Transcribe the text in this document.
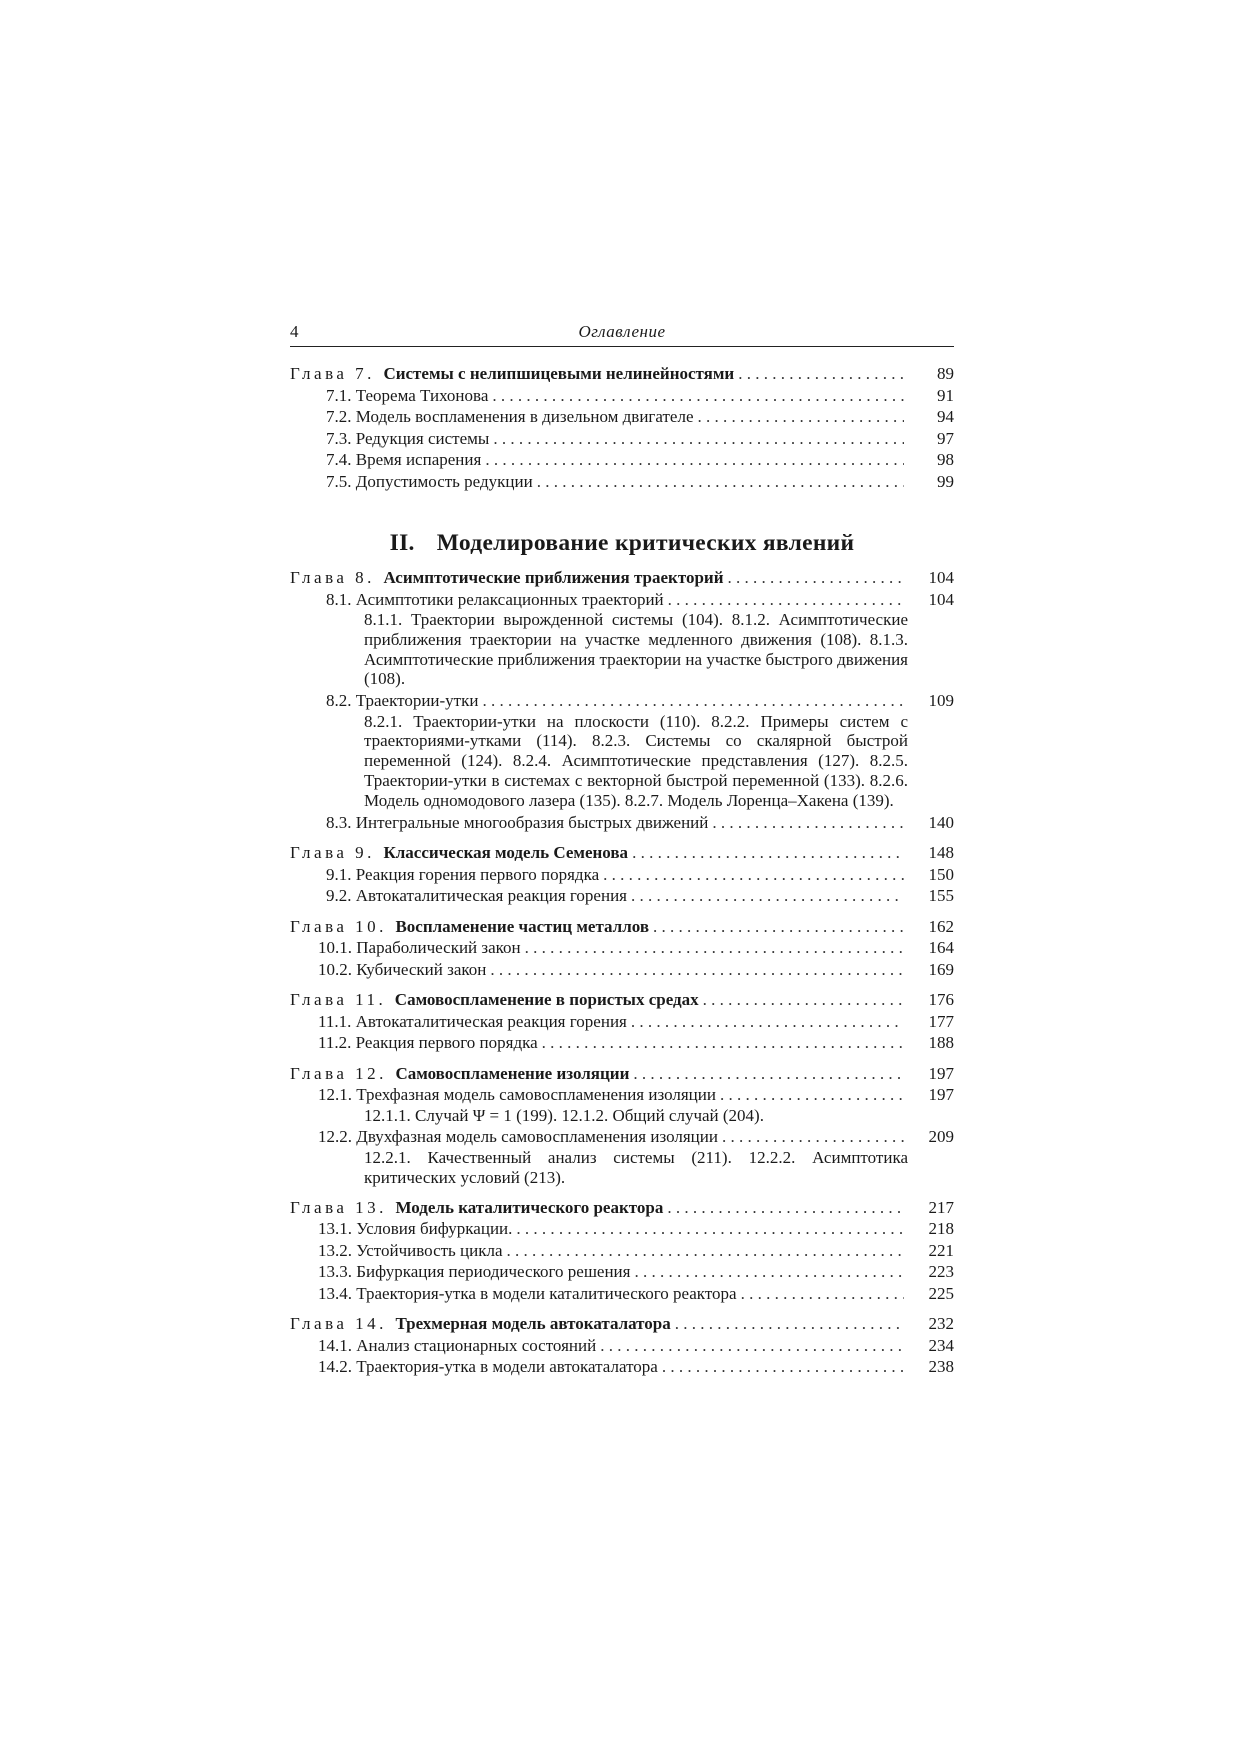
4	Оглавление
Глава 7. Системы с нелипшицевыми нелинейностями . . .	89
7.1. Теорема Тихонова . . .	91
7.2. Модель воспламенения в дизельном двигателе . . .	94
7.3. Редукция системы . . .	97
7.4. Время испарения . . .	98
7.5. Допустимость редукции . . .	99
II. Моделирование критических явлений
Глава 8. Асимптотические приближения траекторий . . .	104
8.1. Асимптотики релаксационных траекторий . . .	104
8.1.1. Траектории вырожденной системы (104). 8.1.2. Асимптотические приближения траектории на участке медленного движения (108). 8.1.3. Асимптотические приближения траектории на участке быстрого движения (108).
8.2. Траектории-утки . . .	109
8.2.1. Траектории-утки на плоскости (110). 8.2.2. Примеры систем с траекториями-утками (114). 8.2.3. Системы со скалярной быстрой переменной (124). 8.2.4. Асимптотические представления (127). 8.2.5. Траектории-утки в системах с векторной быстрой переменной (133). 8.2.6. Модель одномодового лазера (135). 8.2.7. Модель Лоренца–Хакена (139).
8.3. Интегральные многообразия быстрых движений . . .	140
Глава 9. Классическая модель Семенова . . .	148
9.1. Реакция горения первого порядка . . .	150
9.2. Автокаталитическая реакция горения . . .	155
Глава 10. Воспламенение частиц металлов . . .	162
10.1. Параболический закон . . .	164
10.2. Кубический закон . . .	169
Глава 11. Самовоспламенение в пористых средах . . .	176
11.1. Автокаталитическая реакция горения . . .	177
11.2. Реакция первого порядка . . .	188
Глава 12. Самовоспламенение изоляции . . .	197
12.1. Трехфазная модель самовоспламенения изоляции . . .	197
12.1.1. Случай Ψ = 1 (199). 12.1.2. Общий случай (204).
12.2. Двухфазная модель самовоспламенения изоляции . . .	209
12.2.1. Качественный анализ системы (211). 12.2.2. Асимптотика критических условий (213).
Глава 13. Модель каталитического реактора . . .	217
13.1. Условия бифуркации. . . .	218
13.2. Устойчивость цикла . . .	221
13.3. Бифуркация периодического решения . . .	223
13.4. Траектория-утка в модели каталитического реактора . . .	225
Глава 14. Трехмерная модель автокаталатора . . .	232
14.1. Анализ стационарных состояний . . .	234
14.2. Траектория-утка в модели автокаталатора . . .	238
